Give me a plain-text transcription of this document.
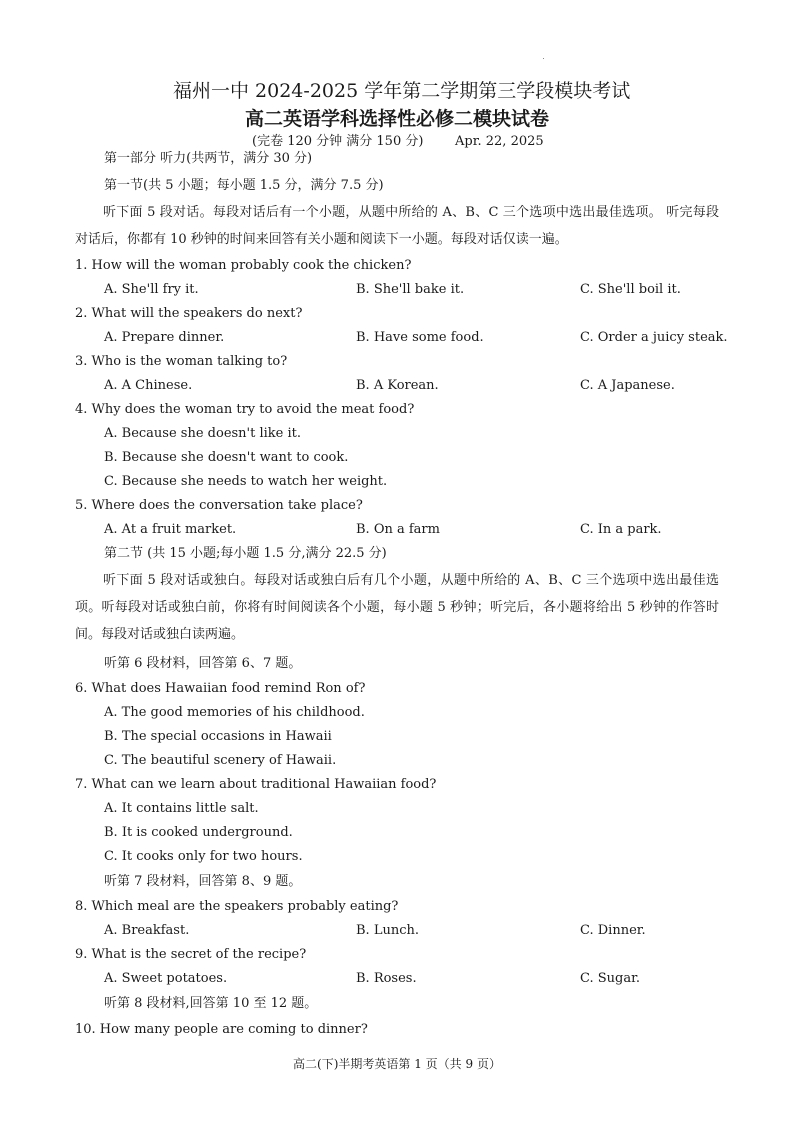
福州一中 2024-2025 学年第二学期第三学段模块考试
高二英语学科选择性必修二模块试卷
(完卷 120 分钟 满分 150 分) Apr. 22, 2025
第一部分 听力(共两节，满分 30 分)
第一节(共 5 小题；每小题 1.5 分，满分 7.5 分)
听下面 5 段对话。每段对话后有一个小题，从题中所给的 A、B、C 三个选项中选出最佳选项。 听完每段对话后，你都有 10 秒钟的时间来回答有关小题和阅读下一小题。每段对话仅读一遍。
1. How will the woman probably cook the chicken?
A. She'll fry it.	B. She'll bake it.	C. She'll boil it.
2. What will the speakers do next?
A. Prepare dinner.	B. Have some food.	C. Order a juicy steak.
3. Who is the woman talking to?
A. A Chinese.	B. A Korean.	C. A Japanese.
4. Why does the woman try to avoid the meat food?
A. Because she doesn't like it.
B. Because she doesn't want to cook.
C. Because she needs to watch her weight.
5. Where does the conversation take place?
A. At a fruit market.	B. On a farm	C. In a park.
第二节 (共 15 小题;每小题 1.5 分,满分 22.5 分)
听下面 5 段对话或独白。每段对话或独白后有几个小题，从题中所给的 A、B、C 三个选项中选出最佳选项。听每段对话或独白前，你将有时间阅读各个小题，每小题 5 秒钟；听完后，各小题将给出 5 秒钟的作答时间。每段对话或独白读两遍。
听第 6 段材料，回答第 6、7 题。
6. What does Hawaiian food remind Ron of?
A. The good memories of his childhood.
B. The special occasions in Hawaii
C. The beautiful scenery of Hawaii.
7. What can we learn about traditional Hawaiian food?
A. It contains little salt.
B. It is cooked underground.
C. It cooks only for two hours.
听第 7 段材料，回答第 8、9 题。
8. Which meal are the speakers probably eating?
A. Breakfast.	B. Lunch.	C. Dinner.
9. What is the secret of the recipe?
A. Sweet potatoes.	B. Roses.	C. Sugar.
听第 8 段材料,回答第 10 至 12 题。
10. How many people are coming to dinner?
高二(下)半期考英语第 1 页（共 9 页）
